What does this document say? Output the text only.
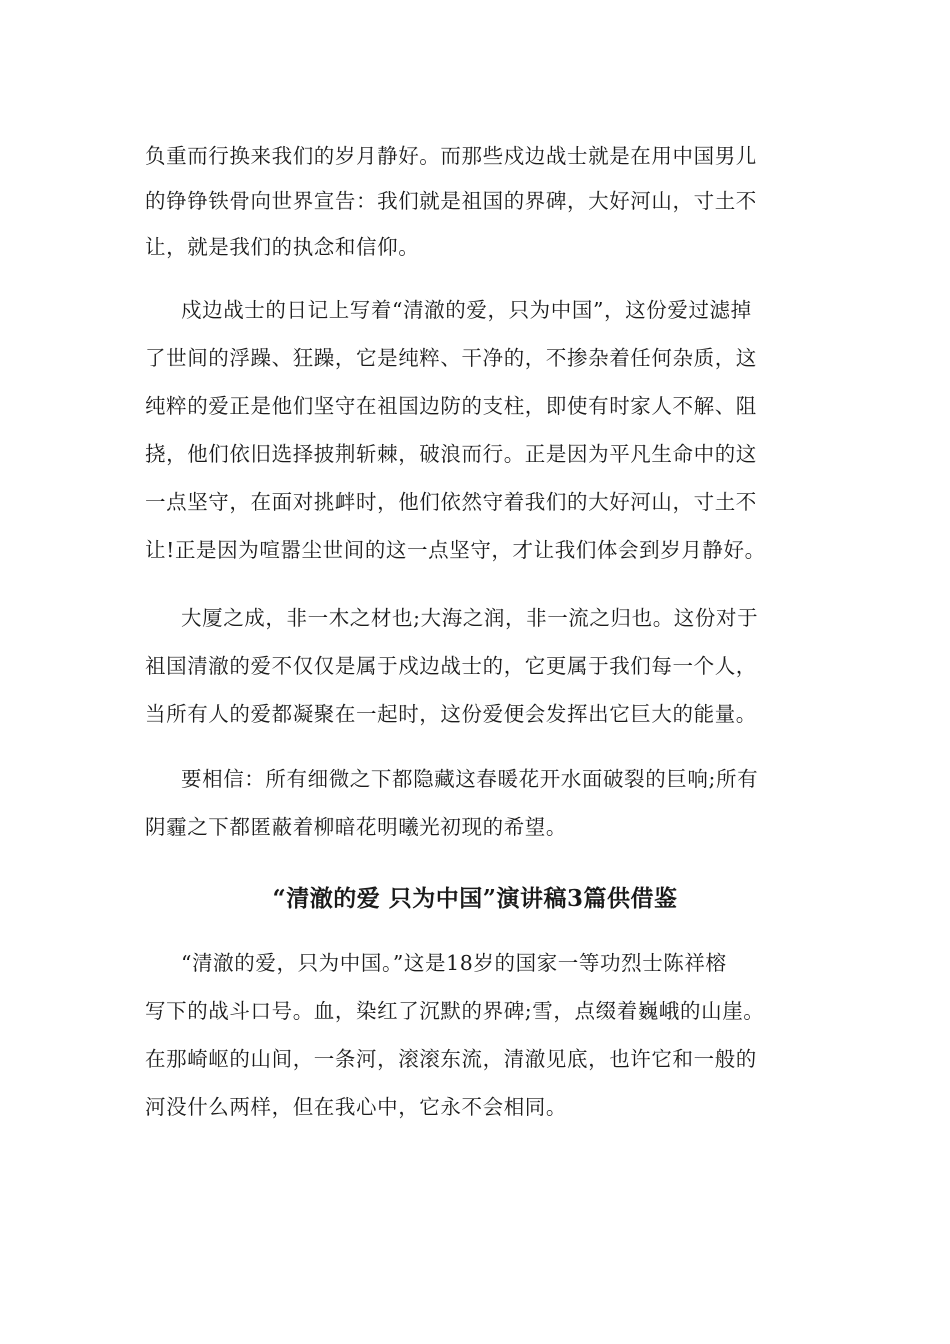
负重而行换来我们的岁月静好。而那些戍边战士就是在用中国男儿
的铮铮铁骨向世界宣告：我们就是祖国的界碑，大好河山，寸土不
让，就是我们的执念和信仰。
戍边战士的日记上写着“清澈的爱，只为中国”，这份爱过滤掉
了世间的浮躁、狂躁，它是纯粹、干净的，不掺杂着任何杂质，这
纯粹的爱正是他们坚守在祖国边防的支柱，即使有时家人不解、阻
挠，他们依旧选择披荆斩棘，破浪而行。正是因为平凡生命中的这
一点坚守，在面对挑衅时，他们依然守着我们的大好河山，寸土不
让!正是因为喧嚣尘世间的这一点坚守，才让我们体会到岁月静好。
大厦之成，非一木之材也;大海之润，非一流之归也。这份对于
祖国清澈的爱不仅仅是属于戍边战士的，它更属于我们每一个人，
当所有人的爱都凝聚在一起时，这份爱便会发挥出它巨大的能量。
要相信：所有细微之下都隐藏这春暖花开水面破裂的巨响;所有
阴霾之下都匿蔽着柳暗花明曦光初现的希望。
“清澈的爱 只为中国”演讲稿3篇供借鉴
“清澈的爱，只为中国。”这是18岁的国家一等功烈士陈祥榕
写下的战斗口号。血，染红了沉默的界碑;雪，点缀着巍峨的山崖。
在那崎岖的山间，一条河，滚滚东流，清澈见底，也许它和一般的
河没什么两样，但在我心中，它永不会相同。
